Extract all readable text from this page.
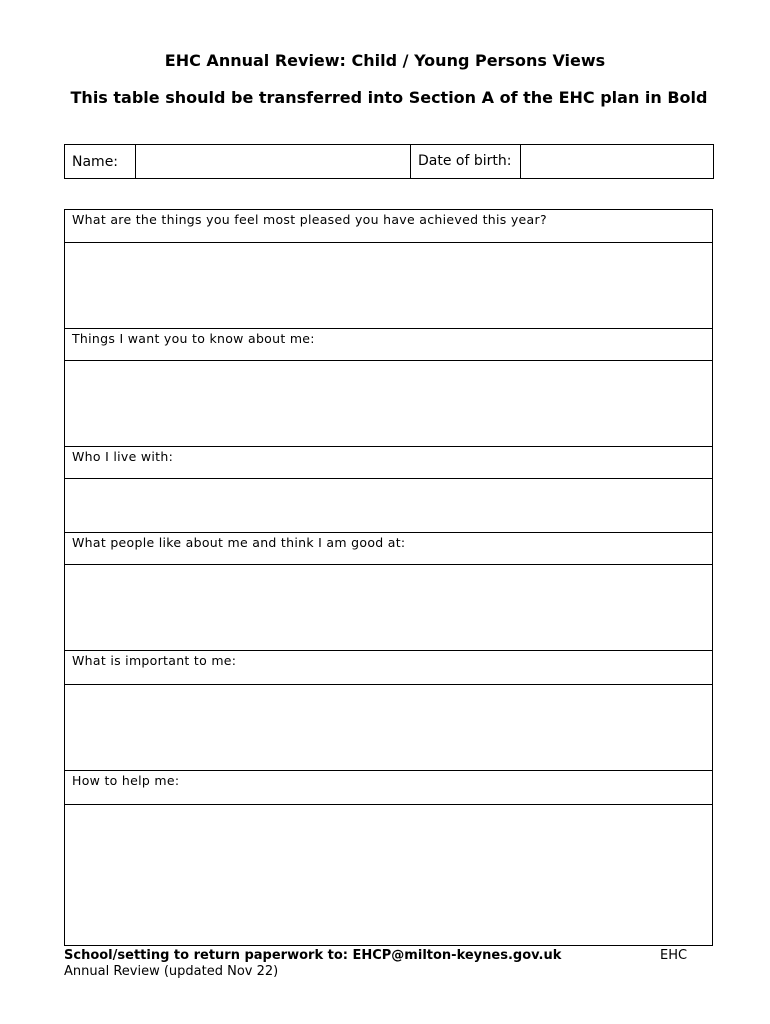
EHC Annual Review: Child / Young Persons Views
This table should be transferred into Section A of the EHC plan in Bold
Name:		Date of birth:	
What are the things you feel most pleased you have achieved this year?

Things I want you to know about me:

Who I live with:

What people like about me and think I am good at:

What is important to me:

How to help me:

School/setting to return paperwork to: EHCP@milton-keynes.gov.uk	EHC
Annual Review (updated Nov 22)
